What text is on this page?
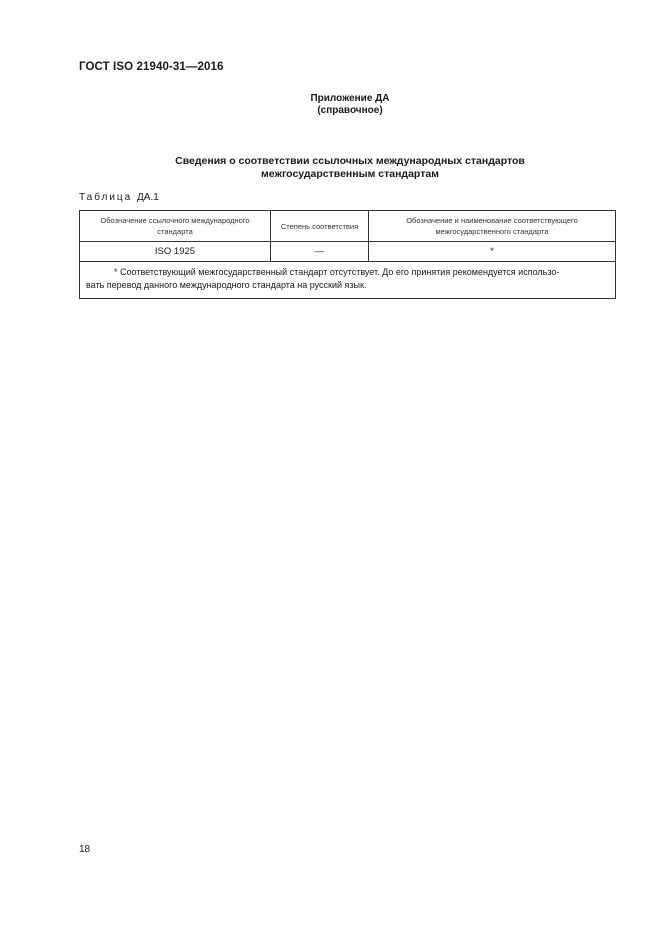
ГОСТ ISO 21940-31—2016
Приложение ДА
(справочное)
Сведения о соответствии ссылочных международных стандартов
межгосударственным стандартам
Таблица ДА.1
Обозначение ссылочного международного стандарта	Степень соответствия	Обозначение и наименование соответствующего межгосударственного стандарта
ISO 1925	—	*

* Соответствующий межгосударственный стандарт отсутствует. До его принятия рекомендуется использо-
вать перевод данного международного стандарта на русский язык.		
18
